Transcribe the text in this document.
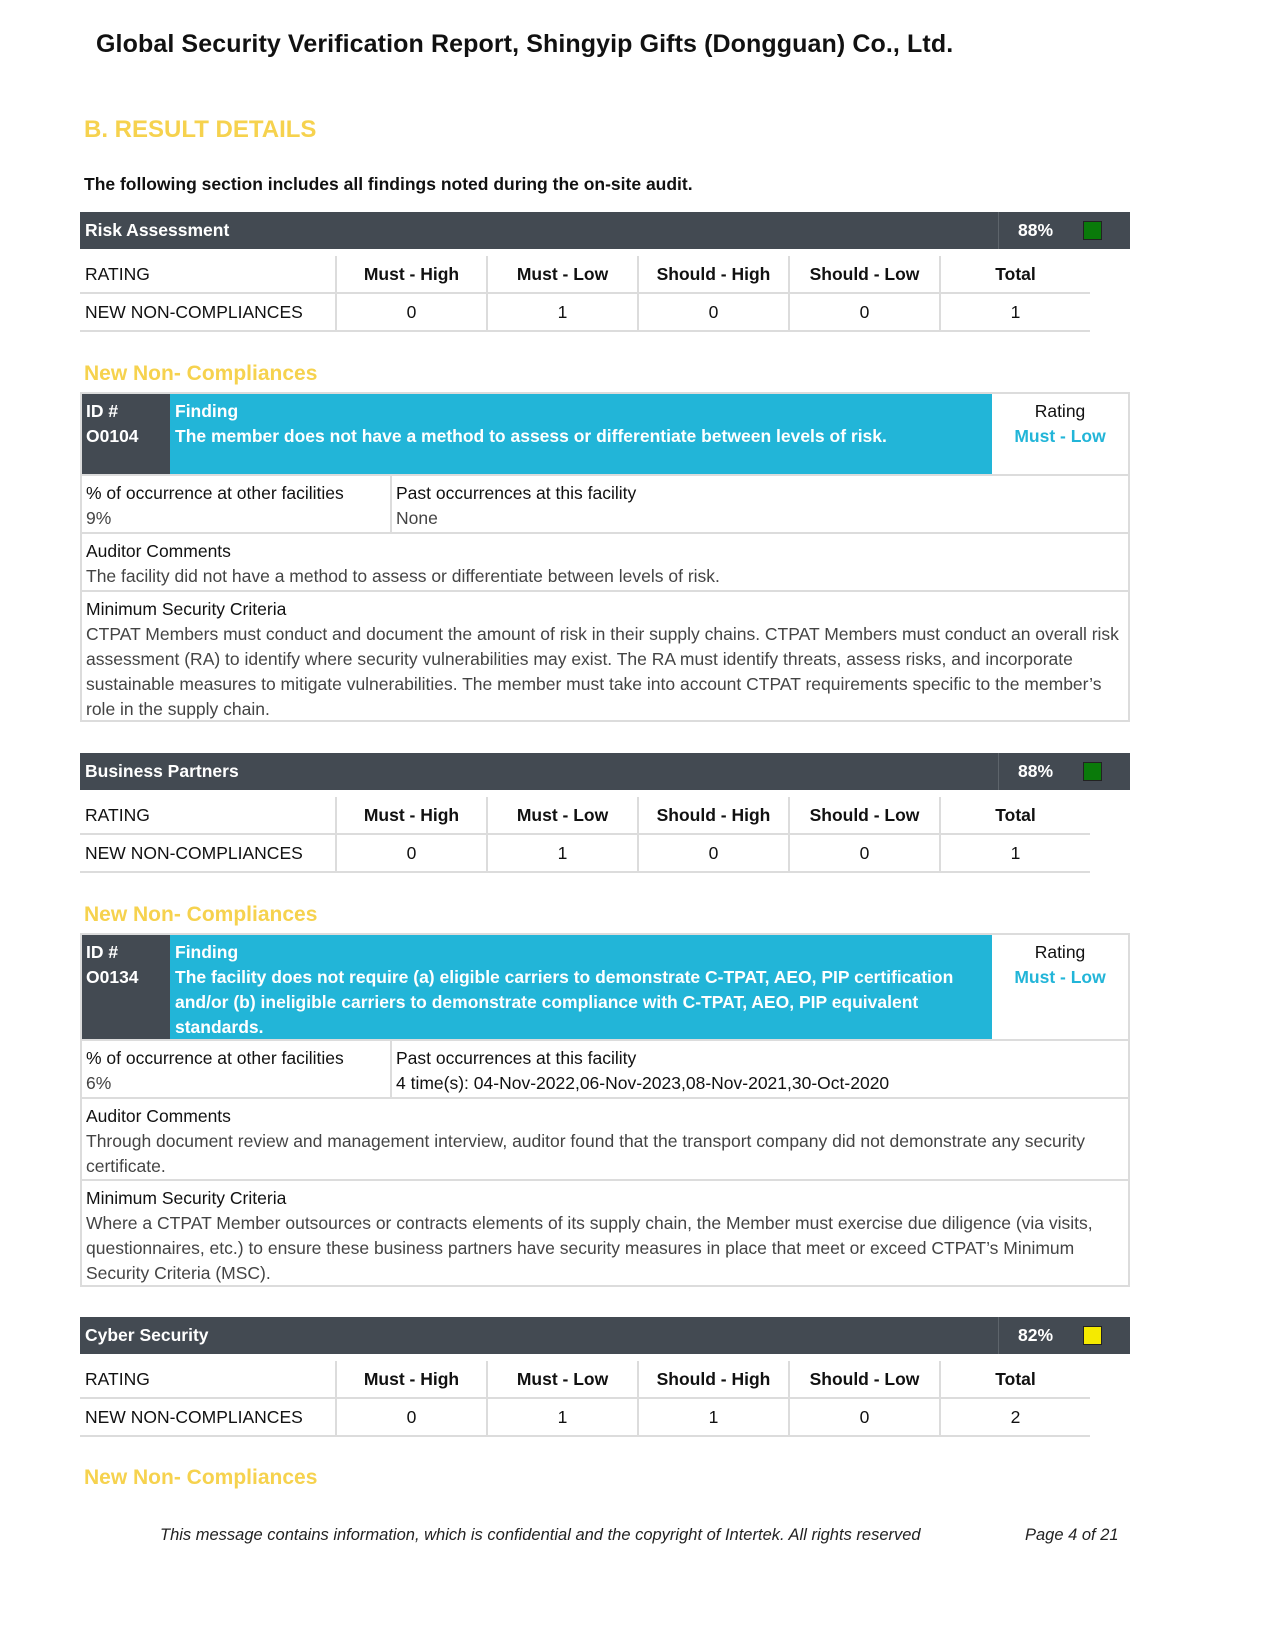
Global Security Verification Report, Shingyip Gifts (Dongguan) Co., Ltd.
B. RESULT DETAILS
The following section includes all findings noted during the on-site audit.
Risk Assessment	88%
RATING	Must - High	Must - Low	Should - High	Should - Low	Total
NEW NON-COMPLIANCES	0	1	0	0	1
New Non- Compliances
ID #
O0104
Finding
The member does not have a method to assess or differentiate between levels of risk.
Rating
Must - Low
% of occurrence at other facilities
9%
Past occurrences at this facility
None
Auditor Comments
The facility did not have a method to assess or differentiate between levels of risk.
Minimum Security Criteria
CTPAT Members must conduct and document the amount of risk in their supply chains. CTPAT Members must conduct an overall risk assessment (RA) to identify where security vulnerabilities may exist. The RA must identify threats, assess risks, and incorporate sustainable measures to mitigate vulnerabilities. The member must take into account CTPAT requirements specific to the member’s role in the supply chain.
Business Partners	88%
RATING	Must - High	Must - Low	Should - High	Should - Low	Total
NEW NON-COMPLIANCES	0	1	0	0	1
New Non- Compliances
ID #
O0134
Finding
The facility does not require (a) eligible carriers to demonstrate C-TPAT, AEO, PIP certification and/or (b) ineligible carriers to demonstrate compliance with C-TPAT, AEO, PIP equivalent standards.
Rating
Must - Low
% of occurrence at other facilities
6%
Past occurrences at this facility
4 time(s): 04-Nov-2022,06-Nov-2023,08-Nov-2021,30-Oct-2020
Auditor Comments
Through document review and management interview, auditor found that the transport company did not demonstrate any security certificate.
Minimum Security Criteria
Where a CTPAT Member outsources or contracts elements of its supply chain, the Member must exercise due diligence (via visits, questionnaires, etc.) to ensure these business partners have security measures in place that meet or exceed CTPAT’s Minimum Security Criteria (MSC).
Cyber Security	82%
RATING	Must - High	Must - Low	Should - High	Should - Low	Total
NEW NON-COMPLIANCES	0	1	1	0	2
New Non- Compliances
This message contains information, which is confidential and the copyright of Intertek. All rights reserved	Page 4 of 21
